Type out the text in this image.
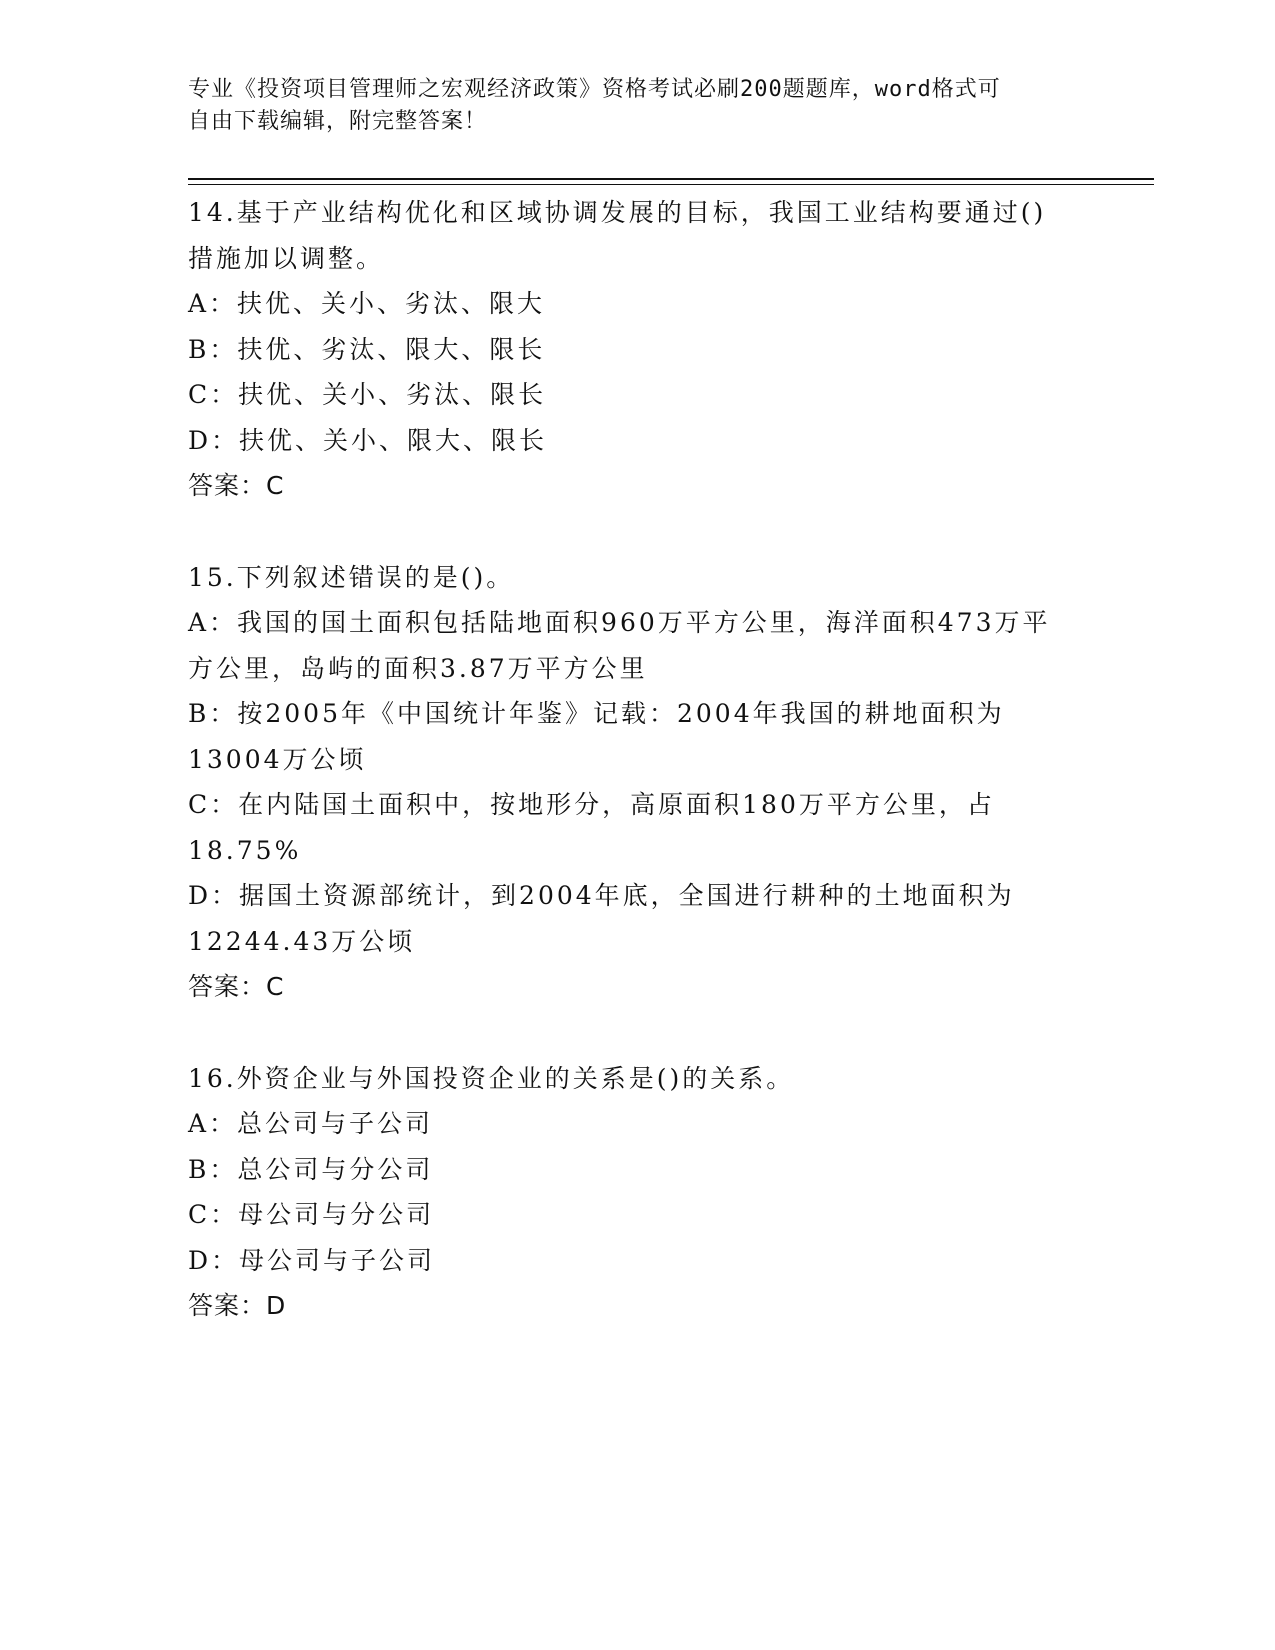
专业《投资项目管理师之宏观经济政策》资格考试必刷200题题库，word格式可
自由下载编辑，附完整答案！
14.基于产业结构优化和区域协调发展的目标，我国工业结构要通过()
措施加以调整。
A：扶优、关小、劣汰、限大
B：扶优、劣汰、限大、限长
C：扶优、关小、劣汰、限长
D：扶优、关小、限大、限长
答案：C
15.下列叙述错误的是()。
A：我国的国土面积包括陆地面积960万平方公里，海洋面积473万平
方公里，岛屿的面积3.87万平方公里
B：按2005年《中国统计年鉴》记载：2004年我国的耕地面积为
13004万公顷
C：在内陆国土面积中，按地形分，高原面积180万平方公里，占
18.75%
D：据国土资源部统计，到2004年底，全国进行耕种的土地面积为
12244.43万公顷
答案：C
16.外资企业与外国投资企业的关系是()的关系。
A：总公司与子公司
B：总公司与分公司
C：母公司与分公司
D：母公司与子公司
答案：D
